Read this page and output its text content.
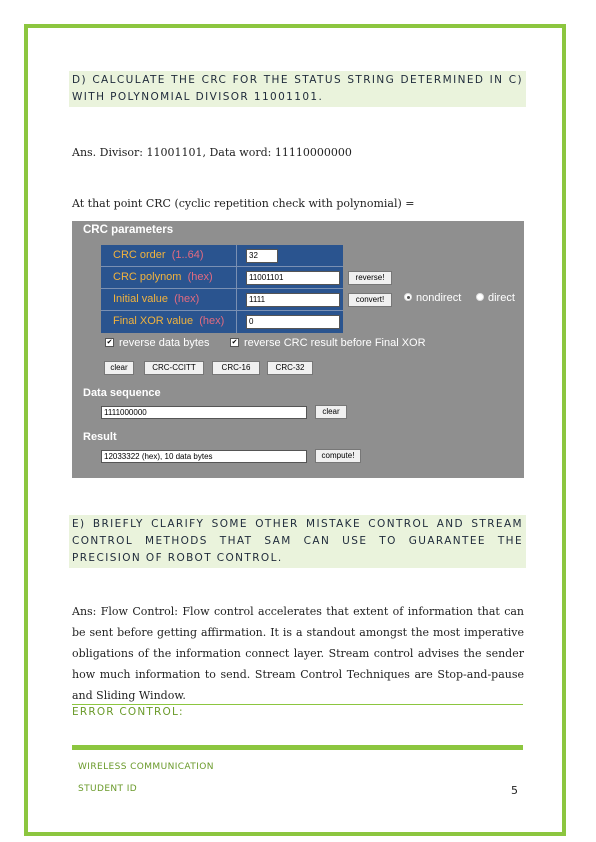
D) CALCULATE THE CRC FOR THE STATUS STRING DETERMINED IN C) WITH POLYNOMIAL DIVISOR 11001101.
Ans. Divisor: 11001101, Data word: 11110000000
At that point CRC (cyclic repetition check with polynomial) =
CRC parameters
CRC order (1..64)	32
CRC polynom (hex)	11001101
Initial value (hex)	1111
Final XOR value (hex)	0
reverse!
convert!	nondirect	direct
✔ reverse data bytes	✔ reverse CRC result before Final XOR
clear	CRC-CCITT	CRC-16	CRC-32
Data sequence
1111000000	clear
Result
12033322 (hex), 10 data bytes	compute!
E) BRIEFLY CLARIFY SOME OTHER MISTAKE CONTROL AND STREAM CONTROL METHODS THAT SAM CAN USE TO GUARANTEE THE PRECISION OF ROBOT CONTROL.
Ans: Flow Control: Flow control accelerates that extent of information that can be sent before getting affirmation. It is a standout amongst the most imperative obligations of the information connect layer. Stream control advises the sender how much information to send. Stream Control Techniques are Stop-and-pause and Sliding Window.
ERROR CONTROL:
WIRELESS COMMUNICATION
STUDENT ID	5
